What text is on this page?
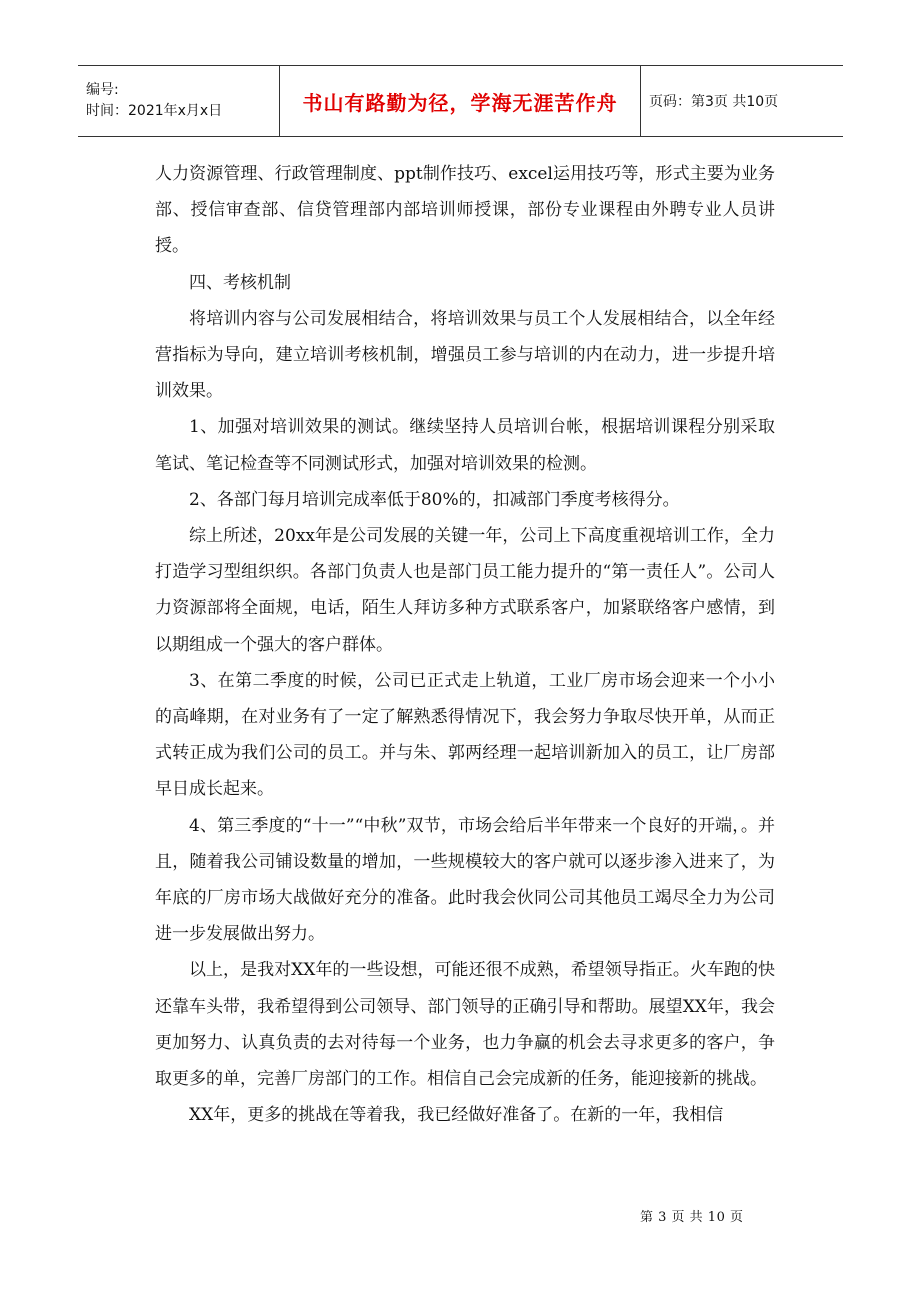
编号:
时间：2021年x月x日	书山有路勤为径，学海无涯苦作舟 页码：第3页 共10页

人力资源管理、行政管理制度、ppt制作技巧、excel运用技巧等，形式主要为业务部、授信审查部、信贷管理部内部培训师授课，部份专业课程由外聘专业人员讲授。

四、考核机制

将培训内容与公司发展相结合，将培训效果与员工个人发展相结合，以全年经营指标为导向，建立培训考核机制，增强员工参与培训的内在动力，进一步提升培训效果。

1、加强对培训效果的测试。继续坚持人员培训台帐，根据培训课程分别采取笔试、笔记检查等不同测试形式，加强对培训效果的检测。

2、各部门每月培训完成率低于80%的，扣减部门季度考核得分。

综上所述，20xx年是公司发展的关键一年，公司上下高度重视培训工作，全力打造学习型组织织。各部门负责人也是部门员工能力提升的“第一责任人”。公司人力资源部将全面规，电话，陌生人拜访多种方式联系客户，加紧联络客户感情，到以期组成一个强大的客户群体。

3、在第二季度的时候，公司已正式走上轨道，工业厂房市场会迎来一个小小的高峰期，在对业务有了一定了解熟悉得情况下，我会努力争取尽快开单，从而正式转正成为我们公司的员工。并与朱、郭两经理一起培训新加入的员工，让厂房部早日成长起来。

4、第三季度的“十一”“中秋”双节，市场会给后半年带来一个良好的开端，。并且，随着我公司铺设数量的增加，一些规模较大的客户就可以逐步渗入进来了，为年底的厂房市场大战做好充分的准备。此时我会伙同公司其他员工竭尽全力为公司进一步发展做出努力。

以上，是我对XX年的一些设想，可能还很不成熟，希望领导指正。火车跑的快还靠车头带，我希望得到公司领导、部门领导的正确引导和帮助。展望XX年，我会更加努力、认真负责的去对待每一个业务，也力争赢的机会去寻求更多的客户，争取更多的单，完善厂房部门的工作。相信自己会完成新的任务，能迎接新的挑战。

XX年，更多的挑战在等着我，我已经做好准备了。在新的一年，我相信

第 3 页 共 10 页
